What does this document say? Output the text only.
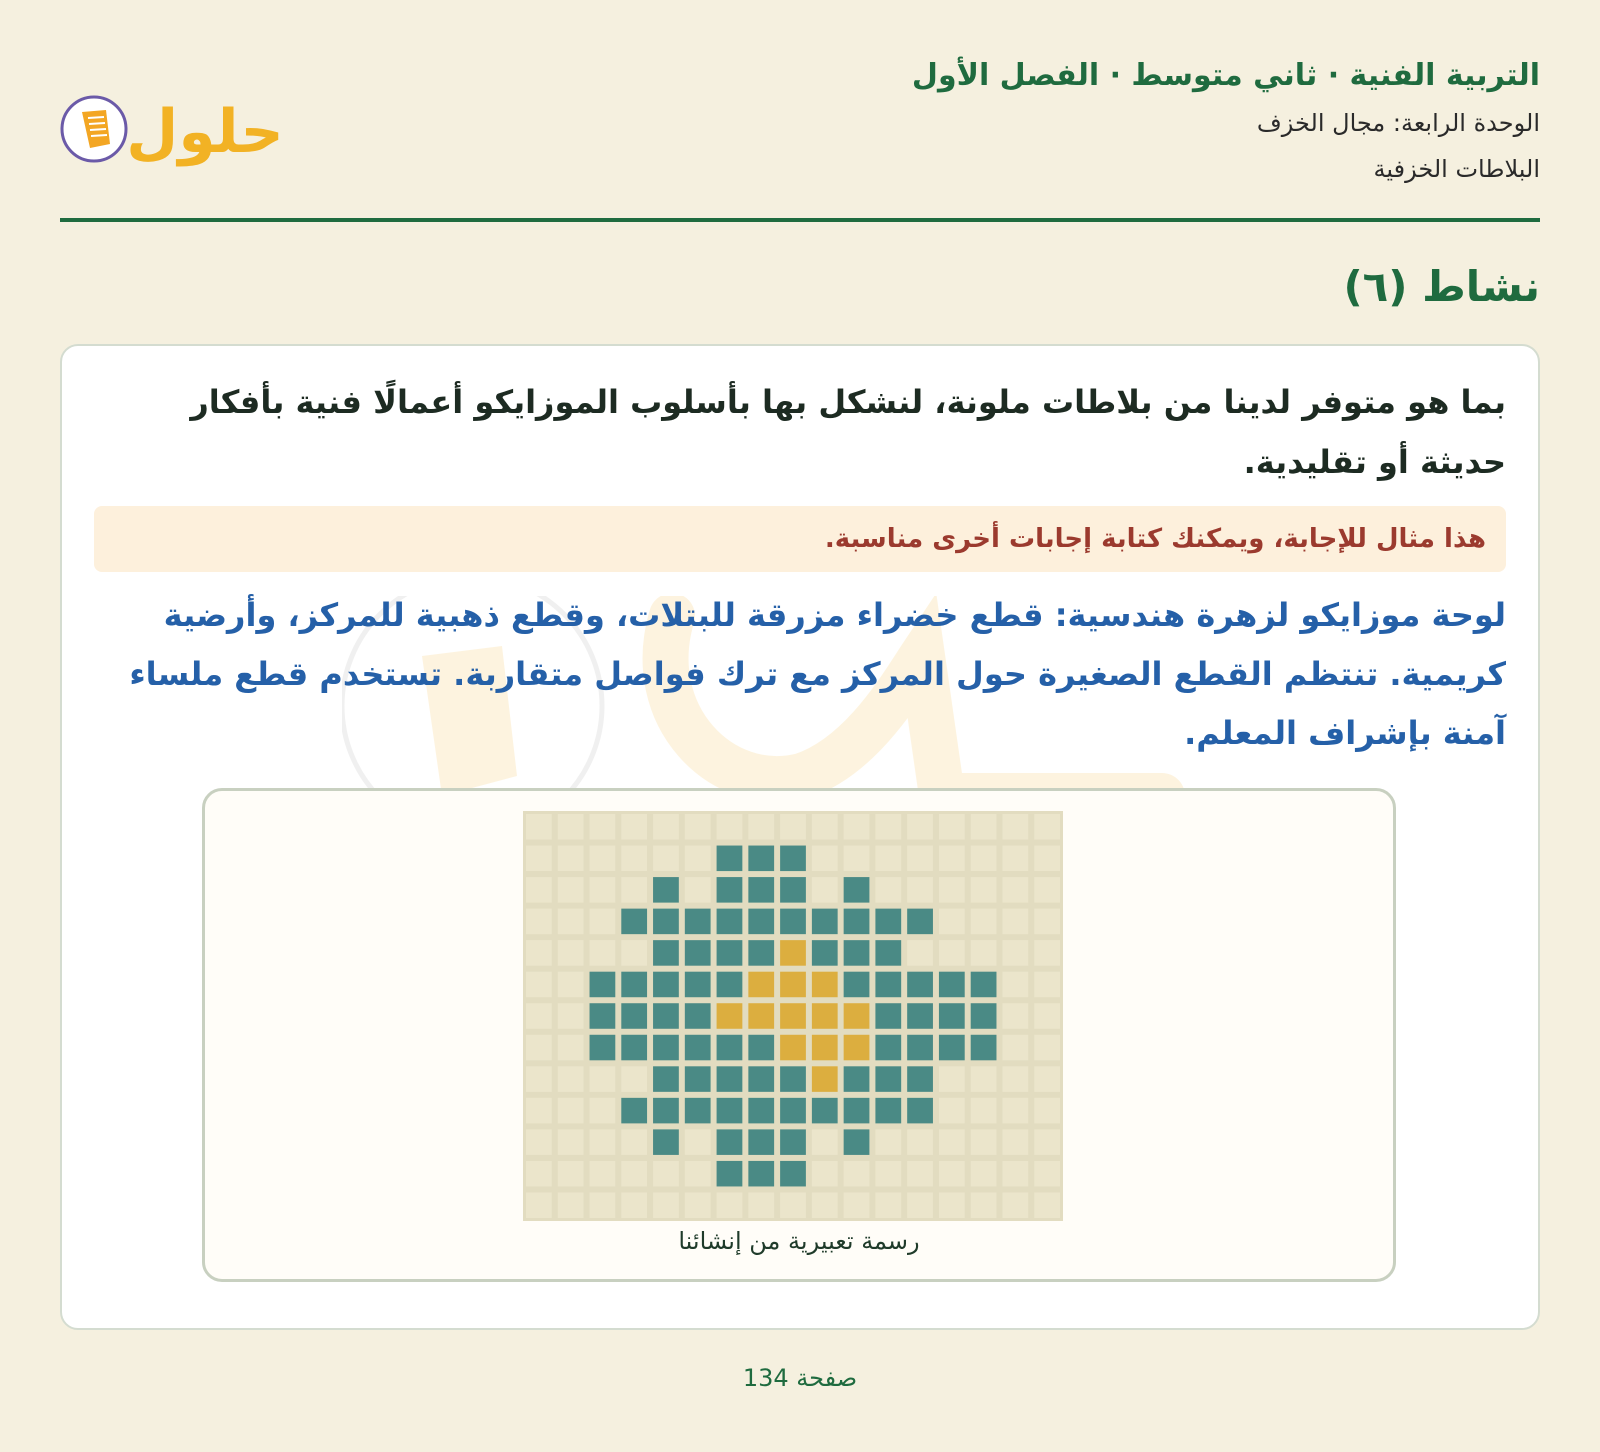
التربية الفنية · ثاني متوسط · الفصل الأول
الوحدة الرابعة: مجال الخزف
البلاطات الخزفية
حلول
نشاط (٦)

بما هو متوفر لدينا من بلاطات ملونة، لنشكل بها بأسلوب الموزايكو أعمالًا فنية بأفكار حديثة أو تقليدية.

هذا مثال للإجابة، ويمكنك كتابة إجابات أخرى مناسبة.

لوحة موزايكو لزهرة هندسية: قطع خضراء مزرقة للبتلات، وقطع ذهبية للمركز، وأرضية كريمية. تنتظم القطع الصغيرة حول المركز مع ترك فواصل متقاربة. تستخدم قطع ملساء آمنة بإشراف المعلم.

رسمة تعبيرية من إنشائنا
صفحة 134
